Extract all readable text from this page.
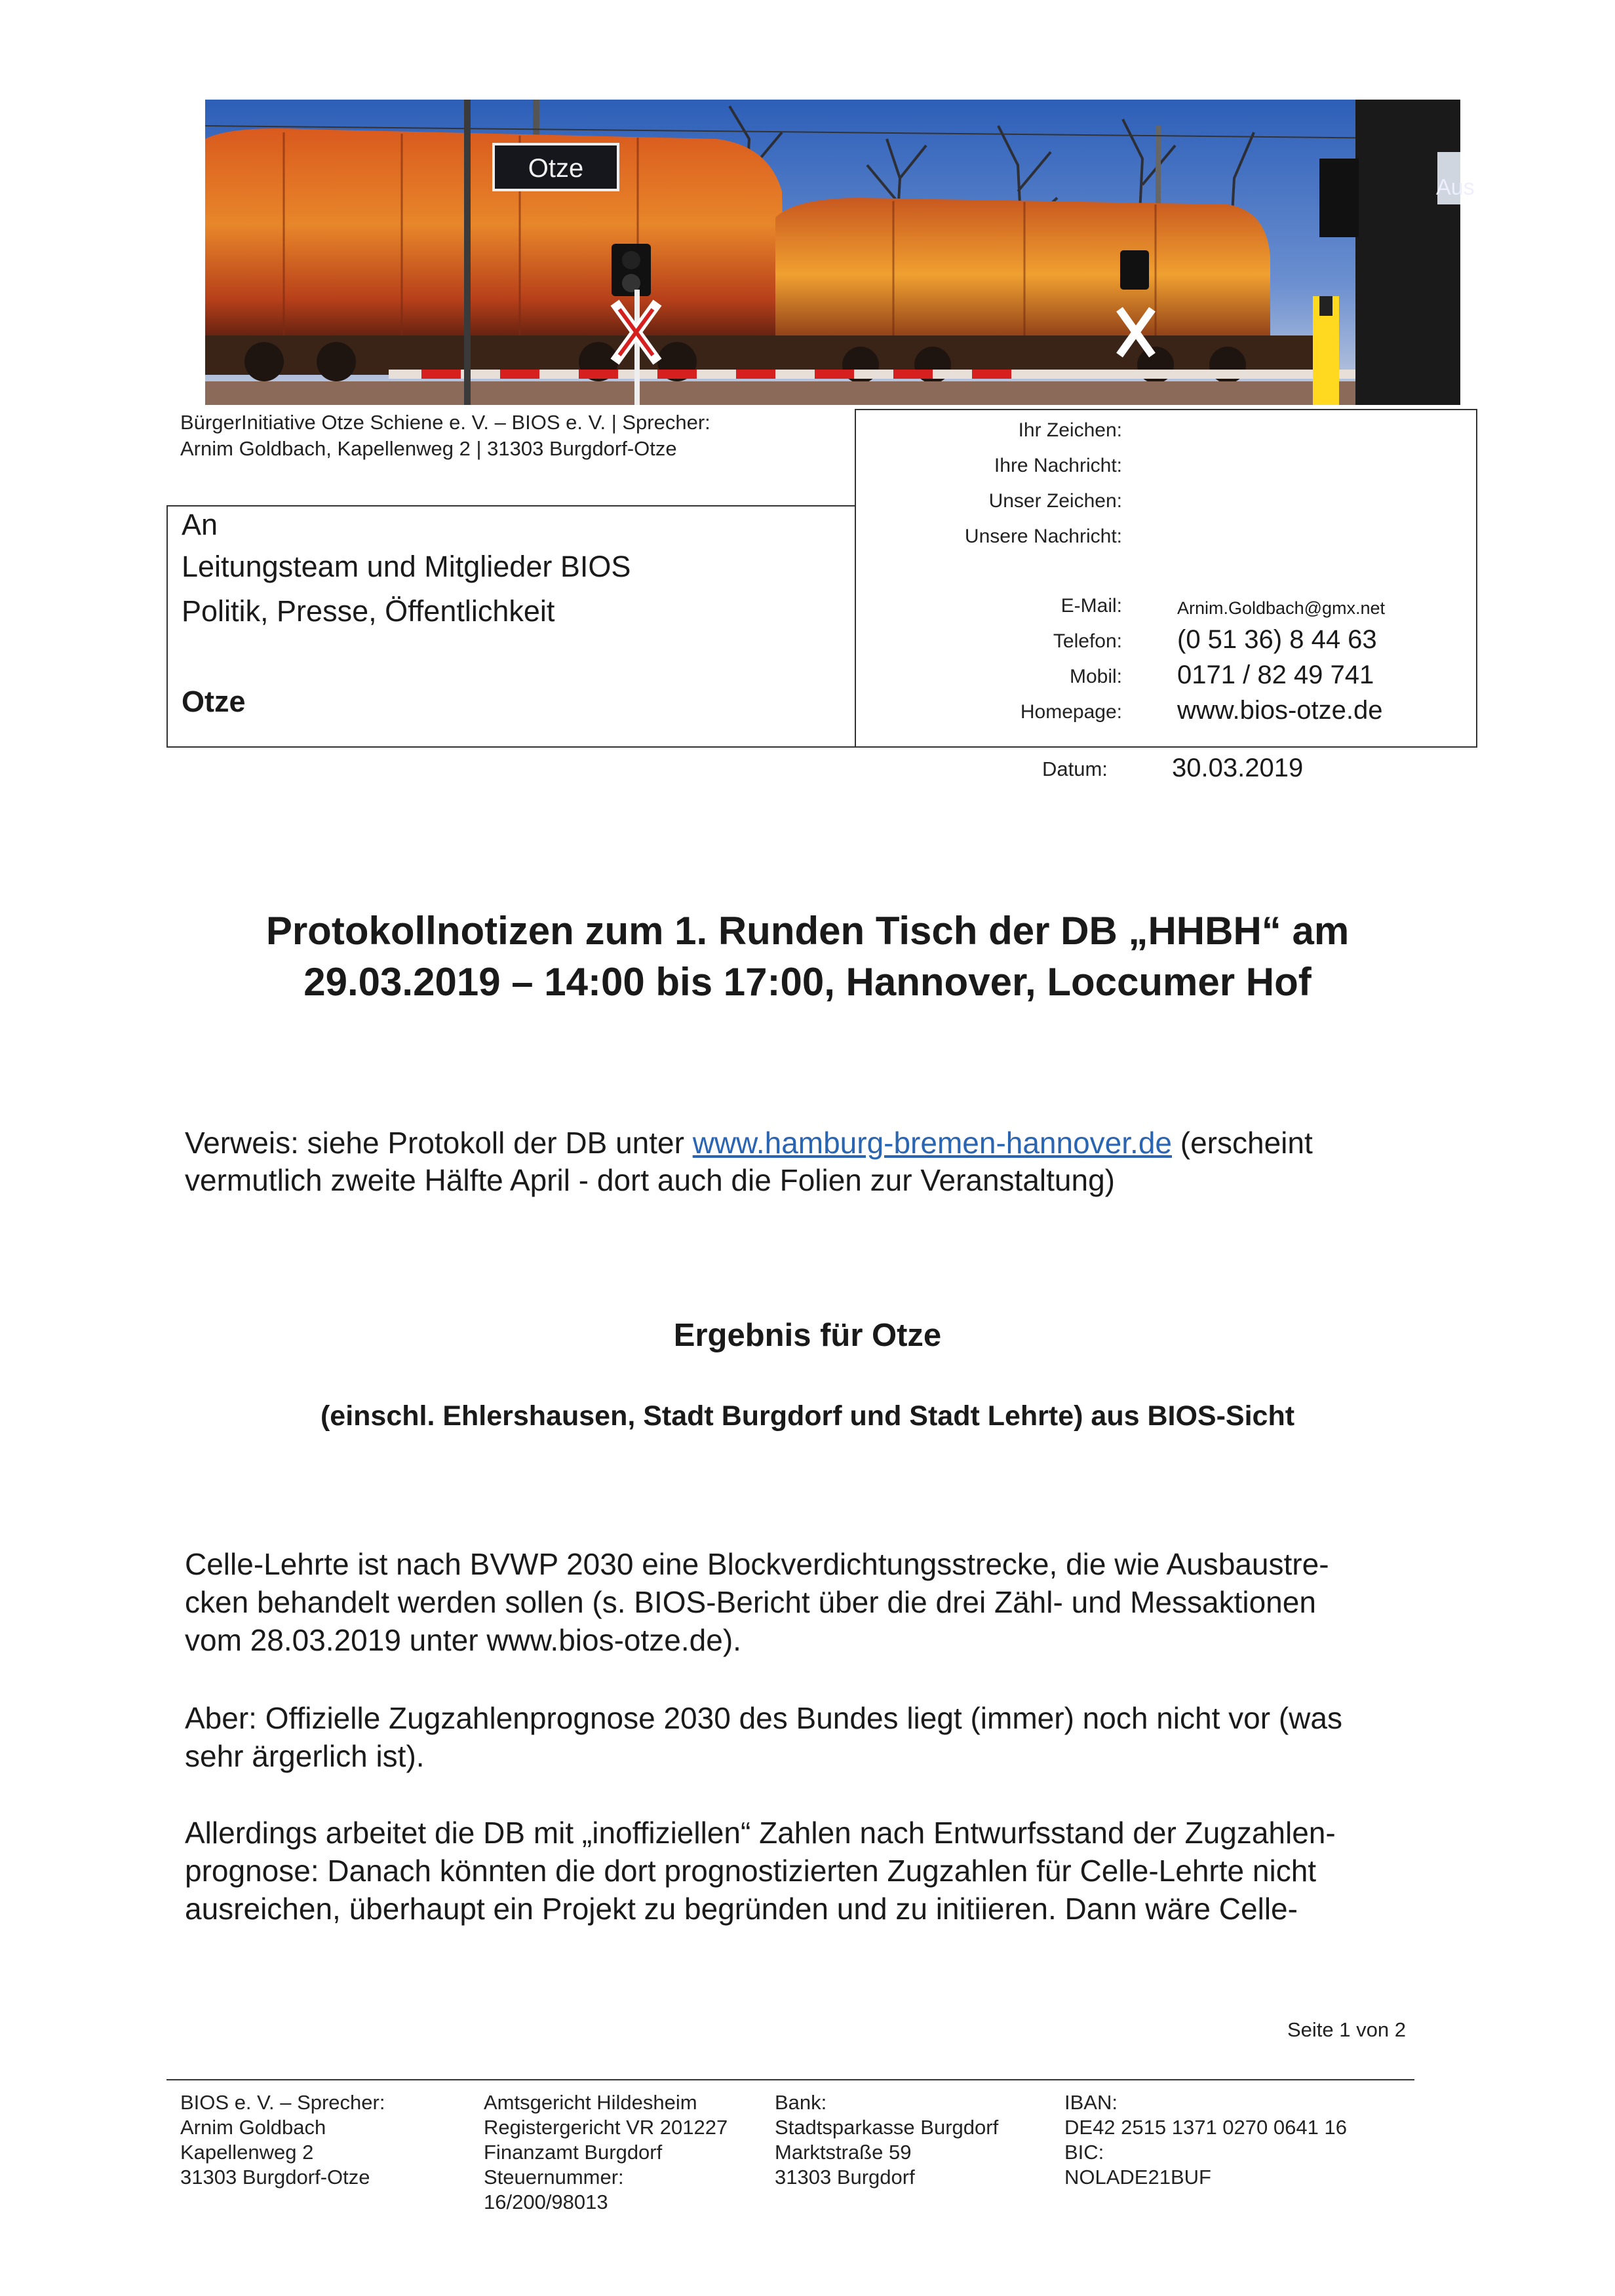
Otze
Aus
BürgerInitiative Otze Schiene e. V. – BIOS e. V. | Sprecher:
Arnim Goldbach, Kapellenweg 2 | 31303 Burgdorf-Otze
An
Leitungsteam und Mitglieder BIOS
Politik, Presse, Öffentlichkeit
Otze
Ihr Zeichen:
Ihre Nachricht:
Unser Zeichen:
Unsere Nachricht:
E-Mail:	Arnim.Goldbach@gmx.net
Telefon: (0 51 36) 8 44 63
Mobil: 0171 / 82 49 741
Homepage: www.bios-otze.de
Datum: 30.03.2019
Protokollnotizen zum 1. Runden Tisch der DB „HHBH“ am
29.03.2019 – 14:00 bis 17:00, Hannover, Loccumer Hof
Verweis: siehe Protokoll der DB unter www.hamburg-bremen-hannover.de (erscheint
vermutlich zweite Hälfte April - dort auch die Folien zur Veranstaltung)
Ergebnis für Otze
(einschl. Ehlershausen, Stadt Burgdorf und Stadt Lehrte) aus BIOS-Sicht
Celle-Lehrte ist nach BVWP 2030 eine Blockverdichtungsstrecke, die wie Ausbaustre-
cken behandelt werden sollen (s. BIOS-Bericht über die drei Zähl- und Messaktionen
vom 28.03.2019 unter www.bios-otze.de).
Aber: Offizielle Zugzahlenprognose 2030 des Bundes liegt (immer) noch nicht vor (was
sehr ärgerlich ist).
Allerdings arbeitet die DB mit „inoffiziellen“ Zahlen nach Entwurfsstand der Zugzahlen-
prognose: Danach könnten die dort prognostizierten Zugzahlen für Celle-Lehrte nicht
ausreichen, überhaupt ein Projekt zu begründen und zu initiieren. Dann wäre Celle-
Seite 1 von 2
BIOS e. V. – Sprecher:
Arnim Goldbach
Kapellenweg 2
31303 Burgdorf-Otze
Amtsgericht Hildesheim
Registergericht VR 201227
Finanzamt Burgdorf
Steuernummer:
16/200/98013
Bank:
Stadtsparkasse Burgdorf
Marktstraße 59
31303 Burgdorf
IBAN:
DE42 2515 1371 0270 0641 16
BIC:
NOLADE21BUF
